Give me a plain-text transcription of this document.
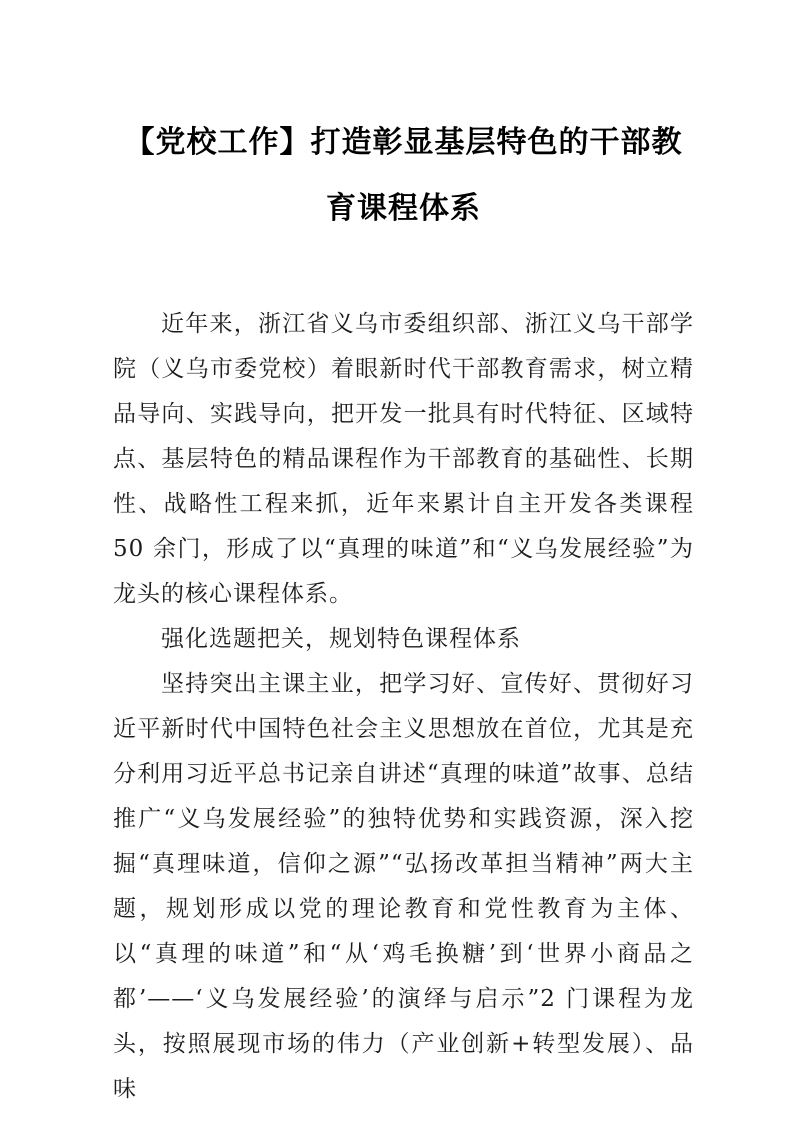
【党校工作】打造彰显基层特色的干部教育课程体系

近年来，浙江省义乌市委组织部、浙江义乌干部学院（义乌市委党校）着眼新时代干部教育需求，树立精品导向、实践导向，把开发一批具有时代特征、区域特点、基层特色的精品课程作为干部教育的基础性、长期性、战略性工程来抓，近年来累计自主开发各类课程 50 余门，形成了以“真理的味道”和“义乌发展经验”为龙头的核心课程体系。

强化选题把关，规划特色课程体系

坚持突出主课主业，把学习好、宣传好、贯彻好习近平新时代中国特色社会主义思想放在首位，尤其是充分利用习近平总书记亲自讲述“真理的味道”故事、总结推广“义乌发展经验”的独特优势和实践资源，深入挖掘“真理味道，信仰之源”“弘扬改革担当精神”两大主题，规划形成以党的理论教育和党性教育为主体、以“真理的味道”和“从‘鸡毛换糖’到‘世界小商品之都’——‘义乌发展经验’的演绎与启示”2 门课程为龙头，按照展现市场的伟力（产业创新+转型发展）、品味
